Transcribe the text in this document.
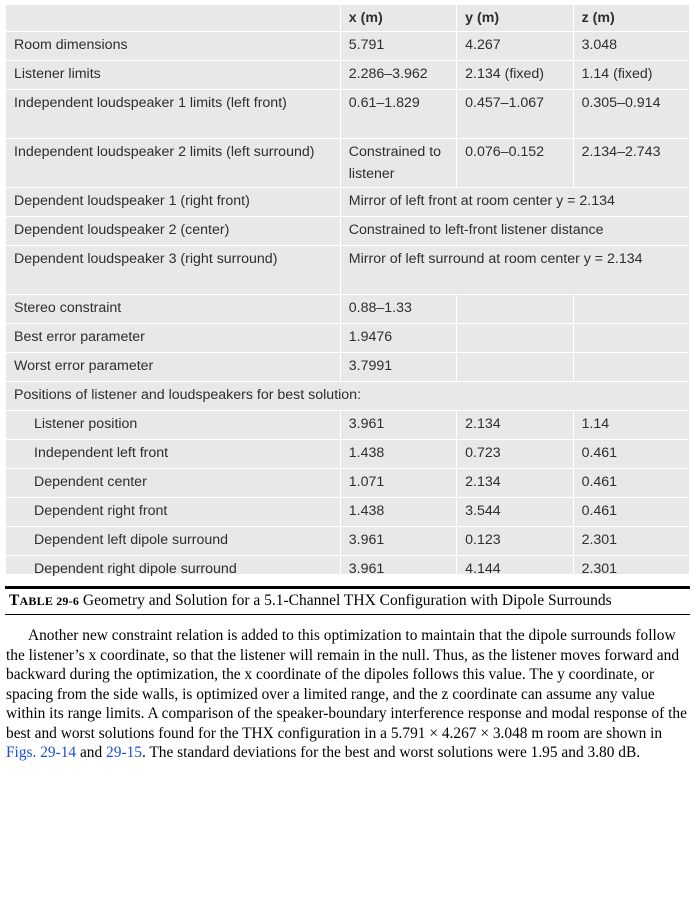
	x (m)	y (m)	z (m)
Room dimensions	5.791	4.267	3.048
Listener limits	2.286–3.962	2.134 (fixed)	1.14 (fixed)
Independent loudspeaker 1 limits (left front)	0.61–1.829	0.457–1.067	0.305–0.914
Independent loudspeaker 2 limits (left surround)	Constrained to listener	0.076–0.152	2.134–2.743
Dependent loudspeaker 1 (right front)	Mirror of left front at room center y = 2.134		
Dependent loudspeaker 2 (center)	Constrained to left-front listener distance		
Dependent loudspeaker 3 (right surround)	Mirror of left surround at room center y = 2.134		
Stereo constraint	0.88–1.33		
Best error parameter	1.9476		
Worst error parameter	3.7991		
Positions of listener and loudspeakers for best solution:			
Listener position	3.961	2.134	1.14
Independent left front	1.438	0.723	0.461
Dependent center	1.071	2.134	0.461
Dependent right front	1.438	3.544	0.461
Dependent left dipole surround	3.961	0.123	2.301
Dependent right dipole surround	3.961	4.144	2.301
TABLE 29-6 Geometry and Solution for a 5.1-Channel THX Configuration with Dipole Surrounds

Another new constraint relation is added to this optimization to maintain that the dipole surrounds follow the listener’s x coordinate, so that the listener will remain in the null. Thus, as the listener moves forward and backward during the optimization, the x coordinate of the dipoles follows this value. The y coordinate, or spacing from the side walls, is optimized over a limited range, and the z coordinate can assume any value within its range limits. A comparison of the speaker-boundary interference response and modal response of the best and worst solutions found for the THX configuration in a 5.791 × 4.267 × 3.048 m room are shown in Figs. 29-14 and 29-15. The standard deviations for the best and worst solutions were 1.95 and 3.80 dB.
